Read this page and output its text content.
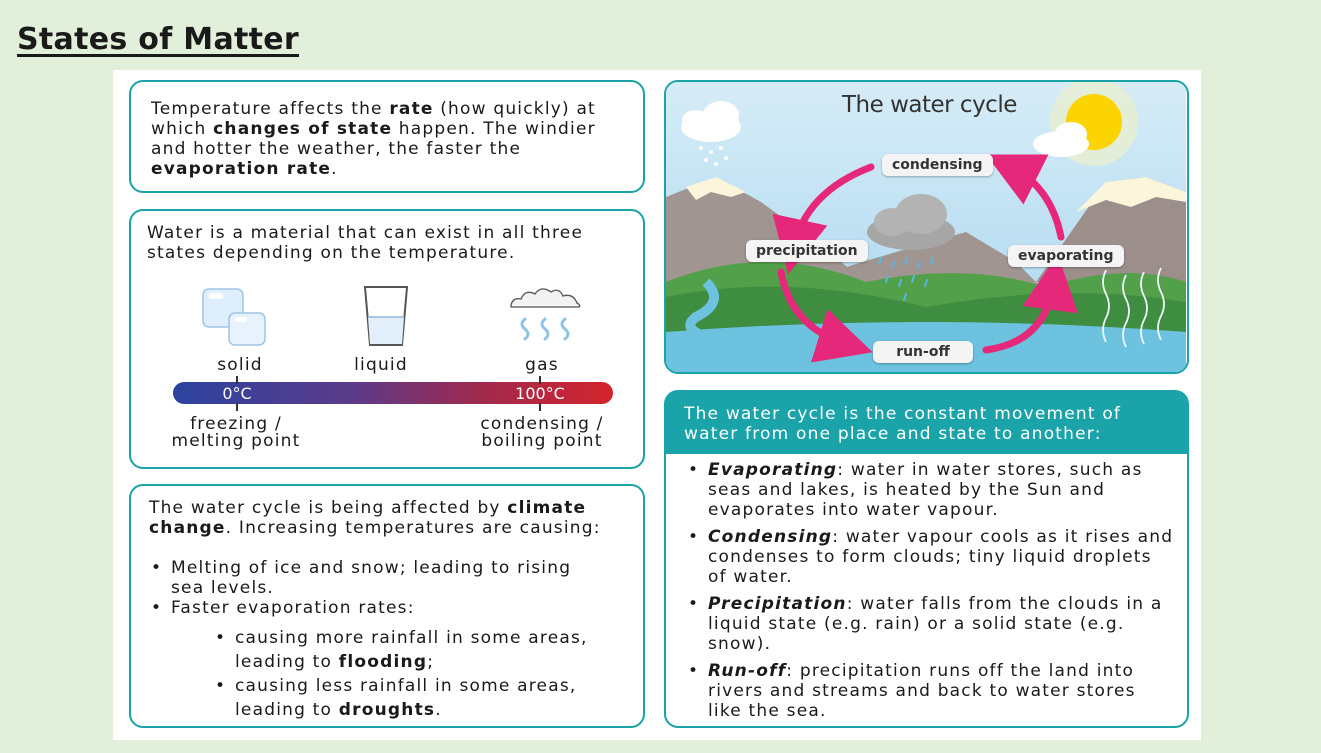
States of Matter
Temperature affects the rate (how quickly) at which changes of state happen. The windier and hotter the weather, the faster the evaporation rate.
Water is a material that can exist in all three states depending on the temperature.
solid	liquid	gas
0°C	100°C
freezing /
melting point
condensing /
boiling point
The water cycle is being affected by climate change. Increasing temperatures are causing:
• Melting of ice and snow; leading to rising sea levels.
• Faster evaporation rates:
• causing more rainfall in some areas, leading to flooding;
• causing less rainfall in some areas, leading to droughts.
The water cycle
condensing
precipitation	evaporating
run-off
The water cycle is the constant movement of water from one place and state to another:
• Evaporating: water in water stores, such as seas and lakes, is heated by the Sun and evaporates into water vapour.
• Condensing: water vapour cools as it rises and condenses to form clouds; tiny liquid droplets of water.
• Precipitation: water falls from the clouds in a liquid state (e.g. rain) or a solid state (e.g. snow).
• Run-off: precipitation runs off the land into rivers and streams and back to water stores like the sea.
